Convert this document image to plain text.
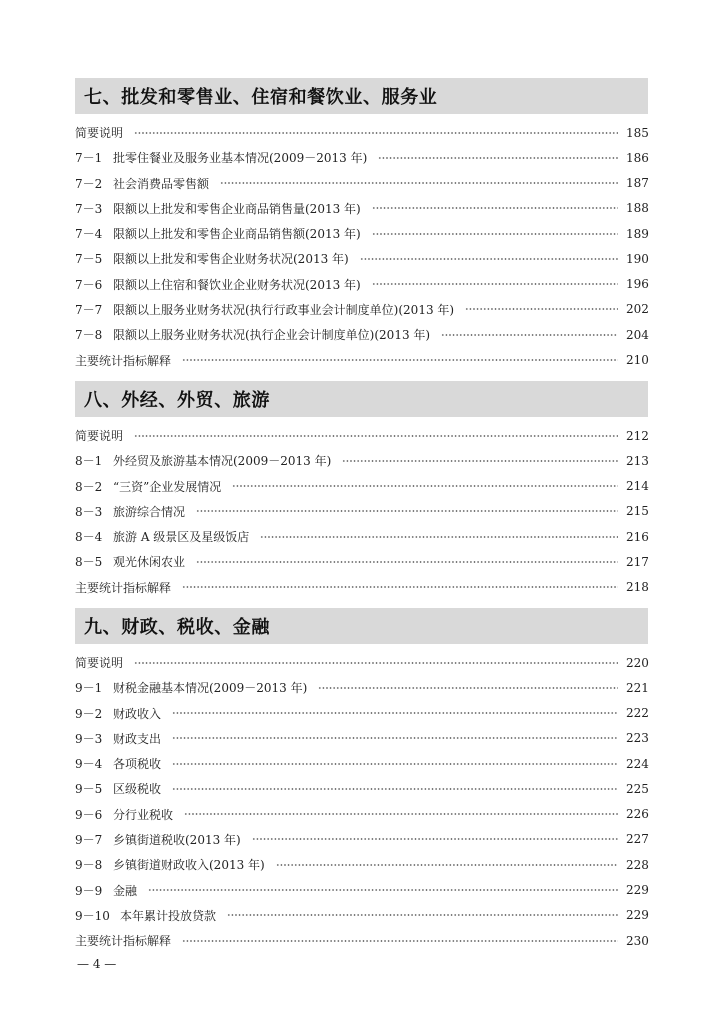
七、批发和零售业、住宿和餐饮业、服务业
简要说明	185
7－1 批零住餐业及服务业基本情况(2009－2013 年)	186
7－2 社会消费品零售额	187
7－3 限额以上批发和零售企业商品销售量(2013 年)	188
7－4 限额以上批发和零售企业商品销售额(2013 年)	189
7－5 限额以上批发和零售企业财务状况(2013 年)	190
7－6 限额以上住宿和餐饮业企业财务状况(2013 年)	196
7－7 限额以上服务业财务状况(执行行政事业会计制度单位)(2013 年)	202
7－8 限额以上服务业财务状况(执行企业会计制度单位)(2013 年)	204
主要统计指标解释	210
八、外经、外贸、旅游
简要说明	212
8－1 外经贸及旅游基本情况(2009－2013 年)	213
8－2 “三资”企业发展情况	214
8－3 旅游综合情况	215
8－4 旅游 A 级景区及星级饭店	216
8－5 观光休闲农业	217
主要统计指标解释	218
九、财政、税收、金融
简要说明	220
9－1 财税金融基本情况(2009－2013 年)	221
9－2 财政收入	222
9－3 财政支出	223
9－4 各项税收	224
9－5 区级税收	225
9－6 分行业税收	226
9－7 乡镇街道税收(2013 年)	227
9－8 乡镇街道财政收入(2013 年)	228
9－9 金融	229
9－10 本年累计投放贷款	229
主要统计指标解释	230
— 4 —
